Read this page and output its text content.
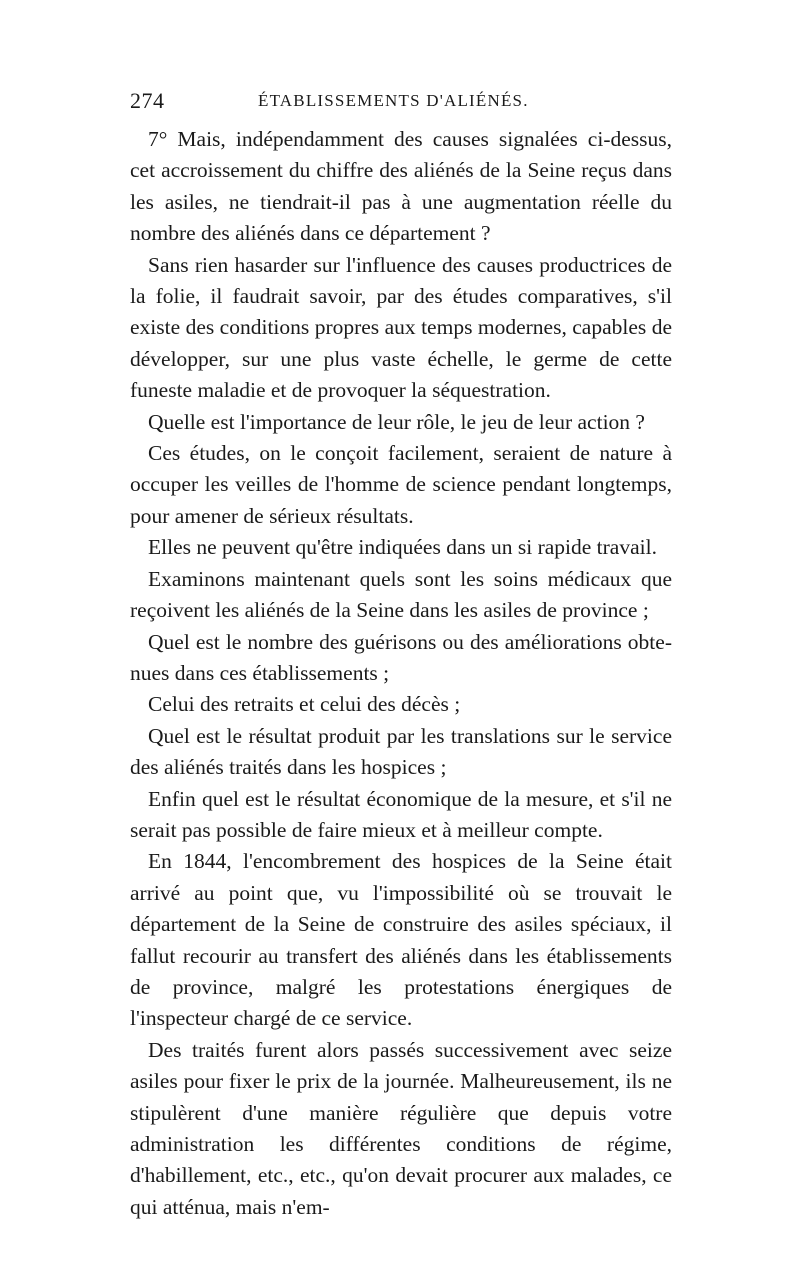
274	ÉTABLISSEMENTS D'ALIÉNÉS.

7° Mais, indépendamment des causes signalées ci-dessus, cet accroissement du chiffre des aliénés de la Seine reçus dans les asiles, ne tiendrait-il pas à une augmentation réelle du nombre des aliénés dans ce département ?

Sans rien hasarder sur l'influence des causes productrices de la folie, il faudrait savoir, par des études comparatives, s'il existe des conditions propres aux temps modernes, capables de développer, sur une plus vaste échelle, le germe de cette funeste maladie et de provoquer la séquestration.

Quelle est l'importance de leur rôle, le jeu de leur action ?

Ces études, on le conçoit facilement, seraient de nature à occuper les veilles de l'homme de science pendant longtemps, pour amener de sérieux résultats.

Elles ne peuvent qu'être indiquées dans un si rapide travail.

Examinons maintenant quels sont les soins médicaux que reçoivent les aliénés de la Seine dans les asiles de province ;

Quel est le nombre des guérisons ou des améliorations obtenues dans ces établissements ;

Celui des retraits et celui des décès ;

Quel est le résultat produit par les translations sur le service des aliénés traités dans les hospices ;

Enfin quel est le résultat économique de la mesure, et s'il ne serait pas possible de faire mieux et à meilleur compte.

En 1844, l'encombrement des hospices de la Seine était arrivé au point que, vu l'impossibilité où se trouvait le département de la Seine de construire des asiles spéciaux, il fallut recourir au transfert des aliénés dans les établissements de province, malgré les protestations énergiques de l'inspecteur chargé de ce service.

Des traités furent alors passés successivement avec seize asiles pour fixer le prix de la journée. Malheureusement, ils ne stipulèrent d'une manière régulière que depuis votre administration les différentes conditions de régime, d'habillement, etc., etc., qu'on devait procurer aux malades, ce qui atténua, mais n'em-
